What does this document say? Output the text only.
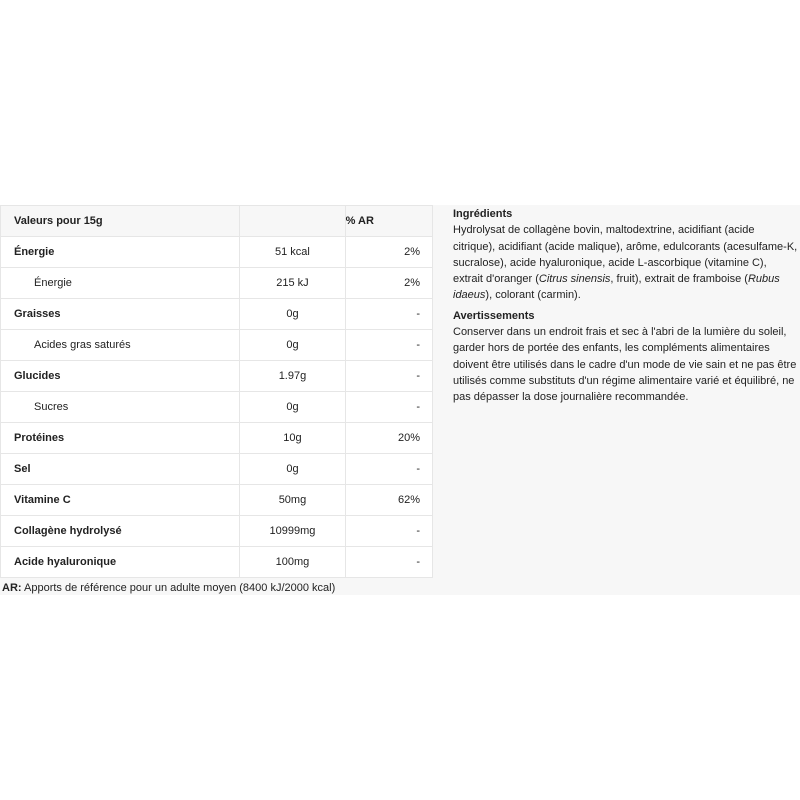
Valeurs pour 15g		% AR
Énergie	51 kcal	2%
Énergie	215 kJ	2%
Graisses	0g	-
Acides gras saturés	0g	-
Glucides	1.97g	-
Sucres	0g	-
Protéines	10g	20%
Sel	0g	-
Vitamine C	50mg	62%
Collagène hydrolysé	10999mg	-
Acide hyaluronique	100mg	-
AR: Apports de référence pour un adulte moyen (8400 kJ/2000 kcal)
Ingrédients

Hydrolysat de collagène bovin, maltodextrine, acidifiant (acide citrique), acidifiant (acide malique), arôme, edulcorants (acesulfame-K, sucralose), acide hyaluronique, acide L-ascorbique (vitamine C), extrait d'oranger (Citrus sinensis, fruit), extrait de framboise (Rubus idaeus), colorant (carmin).

Avertissements

Conserver dans un endroit frais et sec à l'abri de la lumière du soleil, garder hors de portée des enfants, les compléments alimentaires doivent être utilisés dans le cadre d'un mode de vie sain et ne pas être utilisés comme substituts d'un régime alimentaire varié et équilibré, ne pas dépasser la dose journalière recommandée.
